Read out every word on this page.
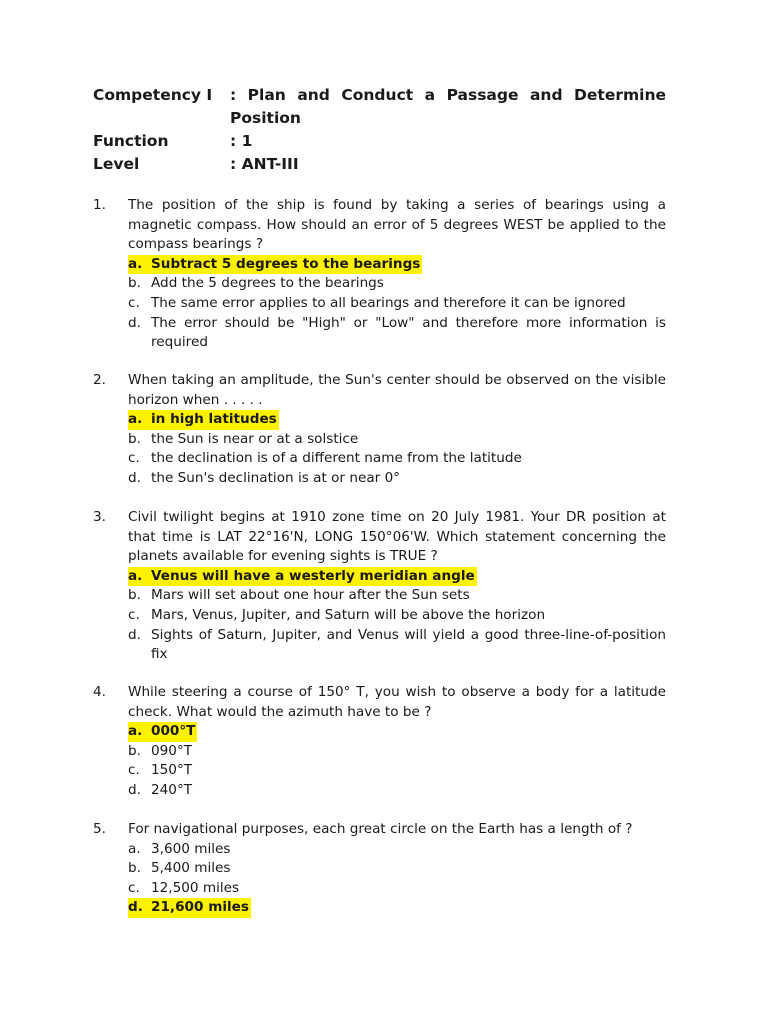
Competency I	: Plan and Conduct a Passage and Determine Position
Function	: 1
Level	: ANT-III
1.	The position of the ship is found by taking a series of bearings using a magnetic compass. How should an error of 5 degrees WEST be applied to the compass bearings ?
a. Subtract 5 degrees to the bearings
b. Add the 5 degrees to the bearings
c. The same error applies to all bearings and therefore it can be ignored
d. The error should be "High" or "Low" and therefore more information is required
2.	When taking an amplitude, the Sun's center should be observed on the visible horizon when . . . . .
a. in high latitudes
b. the Sun is near or at a solstice
c. the declination is of a different name from the latitude
d. the Sun's declination is at or near 0°
3.	Civil twilight begins at 1910 zone time on 20 July 1981. Your DR position at that time is LAT 22°16'N, LONG 150°06'W. Which statement concerning the planets available for evening sights is TRUE ?
a. Venus will have a westerly meridian angle
b. Mars will set about one hour after the Sun sets
c. Mars, Venus, Jupiter, and Saturn will be above the horizon
d. Sights of Saturn, Jupiter, and Venus will yield a good three-line-of-position fix
4.	While steering a course of 150° T, you wish to observe a body for a latitude check. What would the azimuth have to be ?
a. 000°T
b. 090°T
c. 150°T
d. 240°T
5.	For navigational purposes, each great circle on the Earth has a length of ?
a. 3,600 miles
b. 5,400 miles
c. 12,500 miles
d. 21,600 miles
